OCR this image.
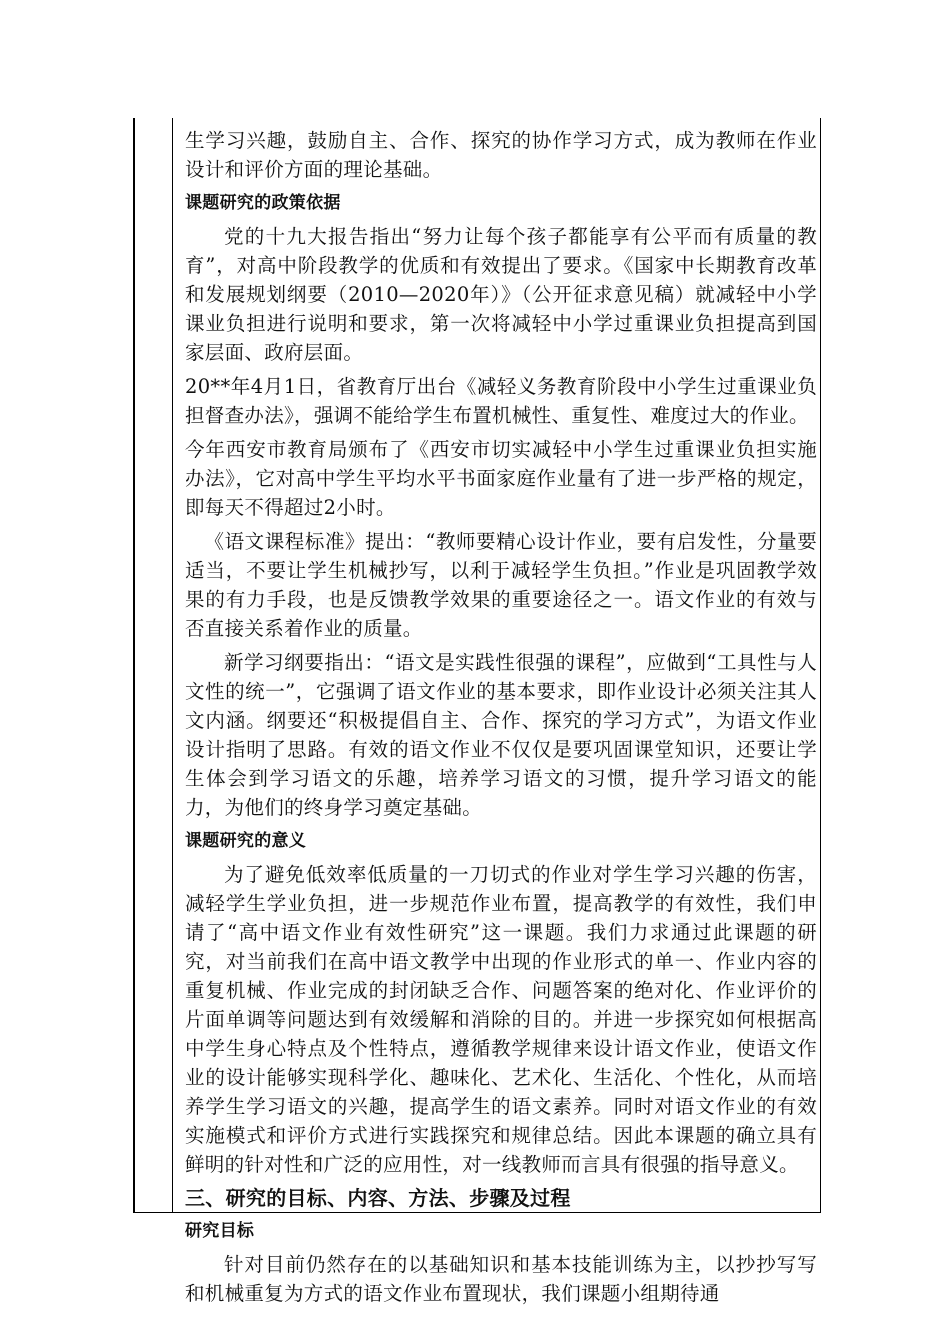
生学习兴趣，鼓励自主、合作、探究的协作学习方式，成为教师在作业设计和评价方面的理论基础。

课题研究的政策依据

党的十九大报告指出“努力让每个孩子都能享有公平而有质量的教育”，对高中阶段教学的优质和有效提出了要求。《国家中长期教育改革和发展规划纲要（2010—2020年）》（公开征求意见稿）就减轻中小学课业负担进行说明和要求，第一次将减轻中小学过重课业负担提高到国家层面、政府层面。

20**年4月1日，省教育厅出台《减轻义务教育阶段中小学生过重课业负担督查办法》，强调不能给学生布置机械性、重复性、难度过大的作业。

今年西安市教育局颁布了《西安市切实减轻中小学生过重课业负担实施办法》，它对高中学生平均水平书面家庭作业量有了进一步严格的规定，即每天不得超过2小时。

《语文课程标准》提出：“教师要精心设计作业，要有启发性，分量要适当，不要让学生机械抄写，以利于减轻学生负担。”作业是巩固教学效果的有力手段，也是反馈教学效果的重要途径之一。语文作业的有效与否直接关系着作业的质量。

新学习纲要指出：“语文是实践性很强的课程”，应做到“工具性与人文性的统一”，它强调了语文作业的基本要求，即作业设计必须关注其人文内涵。纲要还“积极提倡自主、合作、探究的学习方式”，为语文作业设计指明了思路。有效的语文作业不仅仅是要巩固课堂知识，还要让学生体会到学习语文的乐趣，培养学习语文的习惯，提升学习语文的能力，为他们的终身学习奠定基础。

课题研究的意义

为了避免低效率低质量的一刀切式的作业对学生学习兴趣的伤害，减轻学生学业负担，进一步规范作业布置，提高教学的有效性，我们申请了“高中语文作业有效性研究”这一课题。我们力求通过此课题的研究，对当前我们在高中语文教学中出现的作业形式的单一、作业内容的重复机械、作业完成的封闭缺乏合作、问题答案的绝对化、作业评价的片面单调等问题达到有效缓解和消除的目的。并进一步探究如何根据高中学生身心特点及个性特点，遵循教学规律来设计语文作业，使语文作业的设计能够实现科学化、趣味化、艺术化、生活化、个性化，从而培养学生学习语文的兴趣，提高学生的语文素养。同时对语文作业的有效实施模式和评价方式进行实践探究和规律总结。因此本课题的确立具有鲜明的针对性和广泛的应用性，对一线教师而言具有很强的指导意义。

三、研究的目标、内容、方法、步骤及过程
研究目标

针对目前仍然存在的以基础知识和基本技能训练为主，以抄抄写写和机械重复为方式的语文作业布置现状，我们课题小组期待通
